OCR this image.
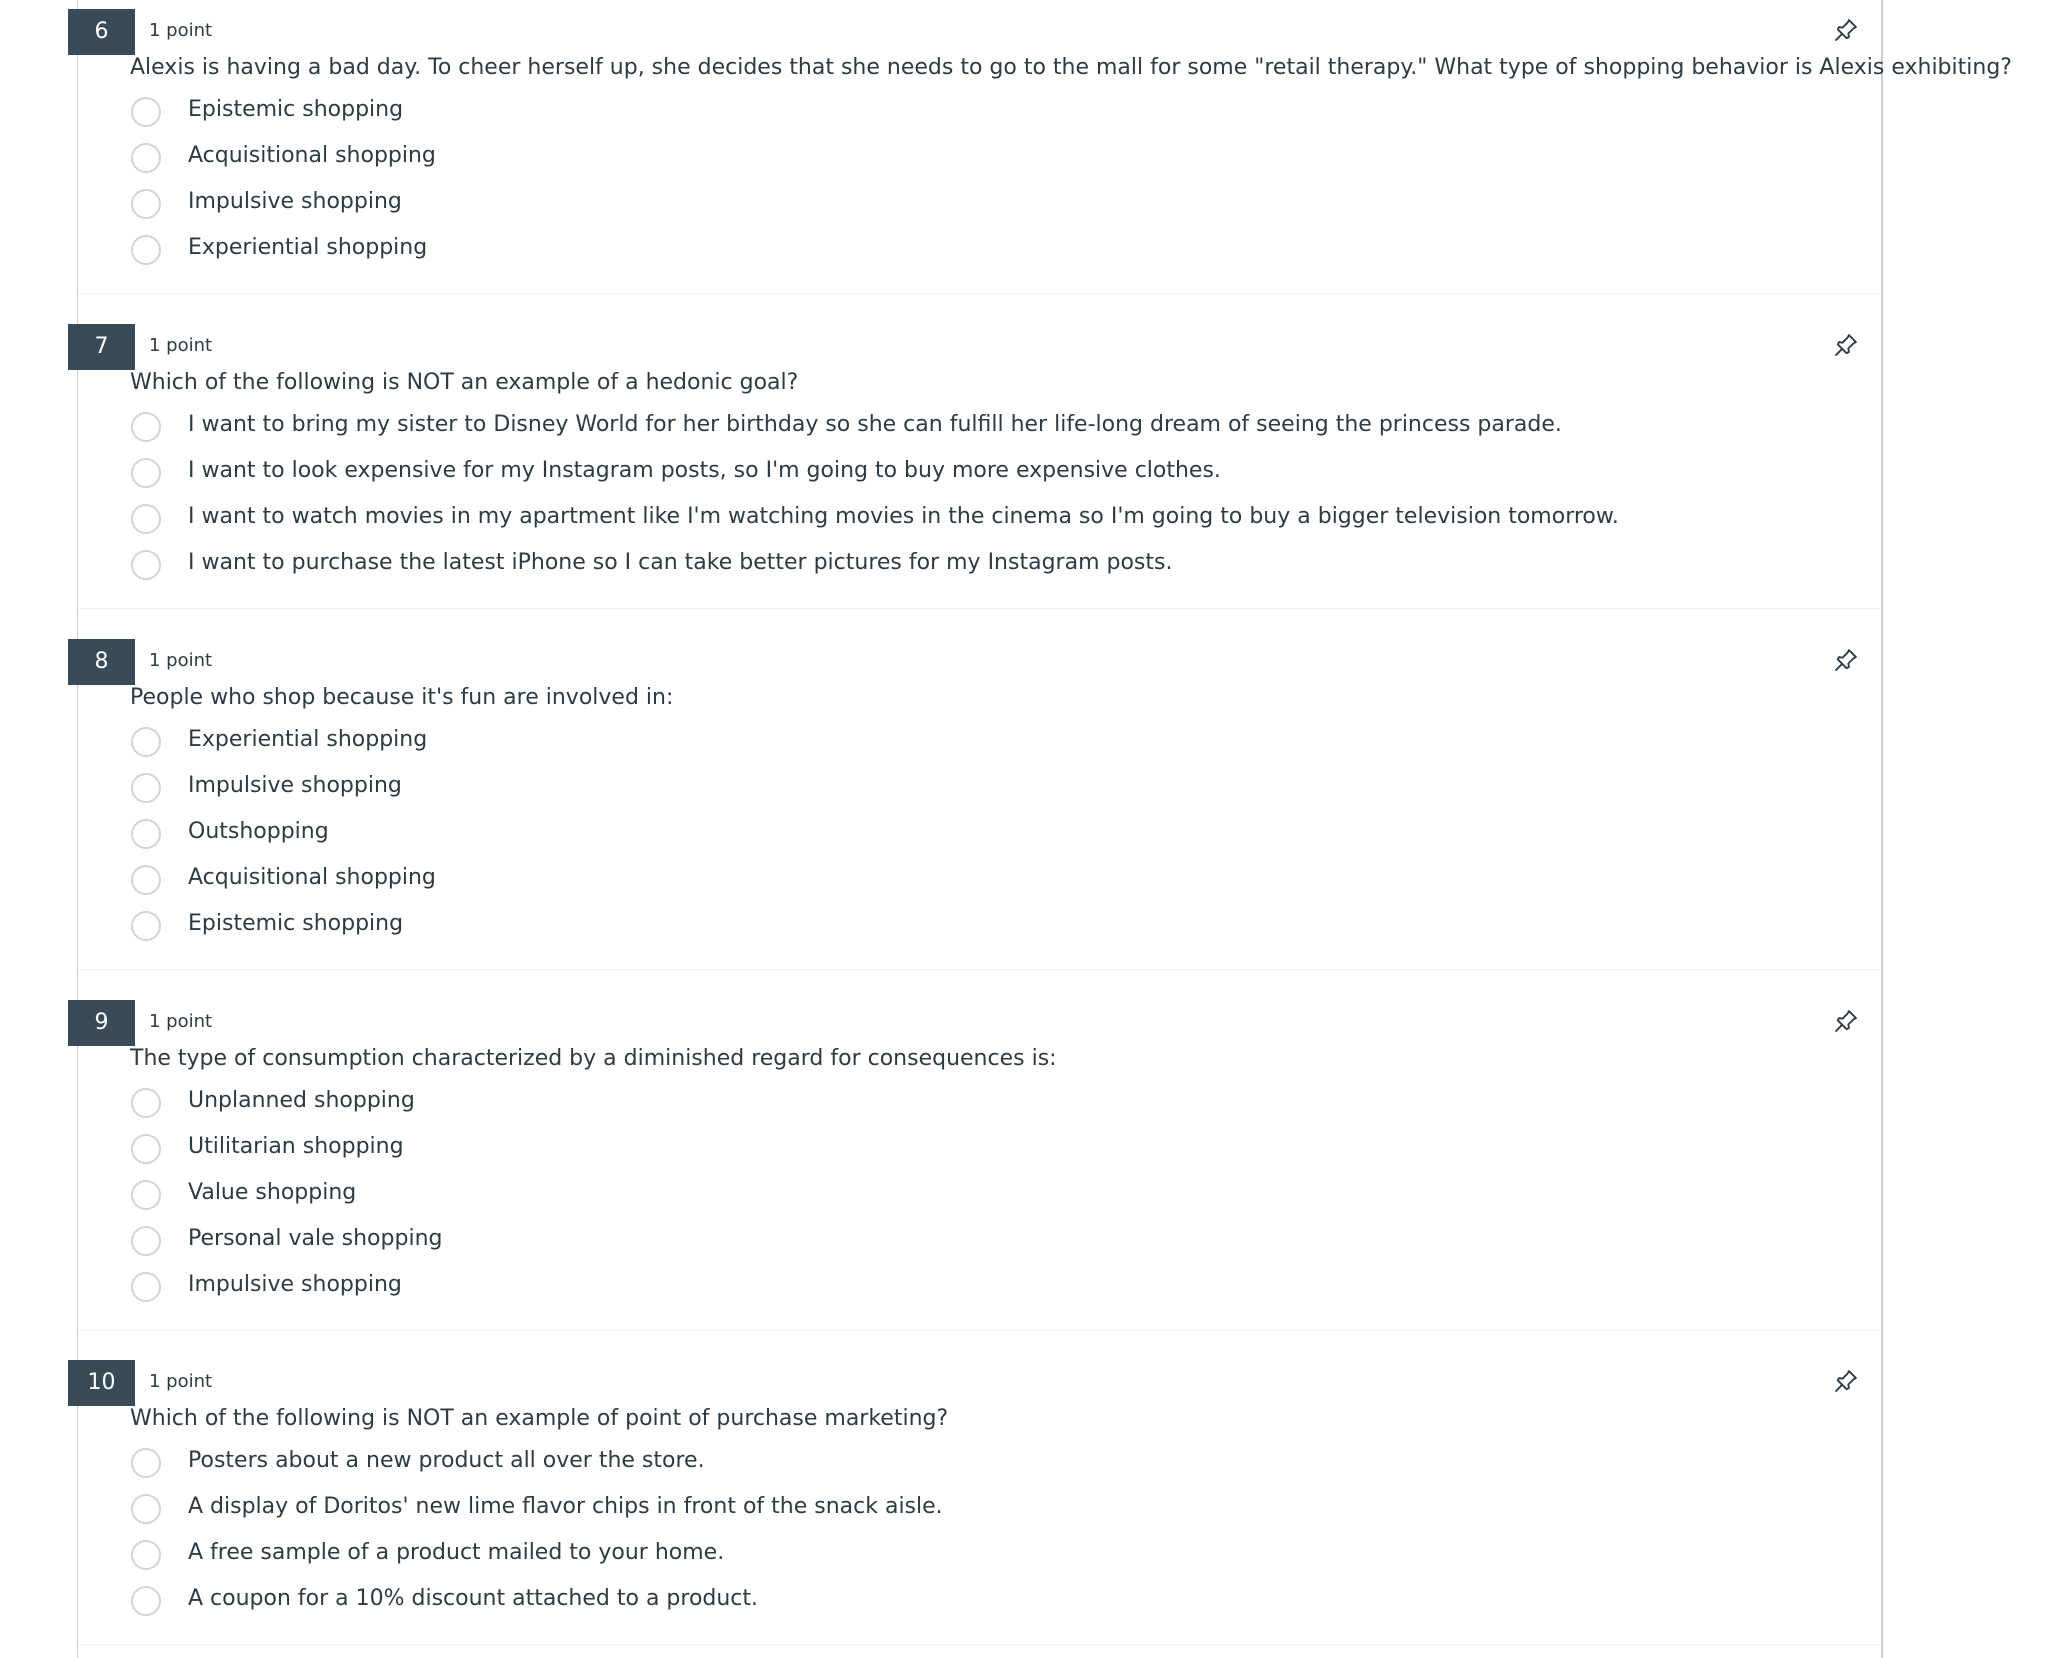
6	1 point
Alexis is having a bad day. To cheer herself up, she decides that she needs to go to the mall for some "retail therapy." What type of shopping behavior is Alexis exhibiting?
Epistemic shopping
Acquisitional shopping
Impulsive shopping
Experiential shopping
7	1 point
Which of the following is NOT an example of a hedonic goal?
I want to bring my sister to Disney World for her birthday so she can fulfill her life-long dream of seeing the princess parade.
I want to look expensive for my Instagram posts, so I'm going to buy more expensive clothes.
I want to watch movies in my apartment like I'm watching movies in the cinema so I'm going to buy a bigger television tomorrow.
I want to purchase the latest iPhone so I can take better pictures for my Instagram posts.
8	1 point
People who shop because it's fun are involved in:
Experiential shopping
Impulsive shopping
Outshopping
Acquisitional shopping
Epistemic shopping
9	1 point
The type of consumption characterized by a diminished regard for consequences is:
Unplanned shopping
Utilitarian shopping
Value shopping
Personal vale shopping
Impulsive shopping
10	1 point
Which of the following is NOT an example of point of purchase marketing?
Posters about a new product all over the store.
A display of Doritos' new lime flavor chips in front of the snack aisle.
A free sample of a product mailed to your home.
A coupon for a 10% discount attached to a product.
